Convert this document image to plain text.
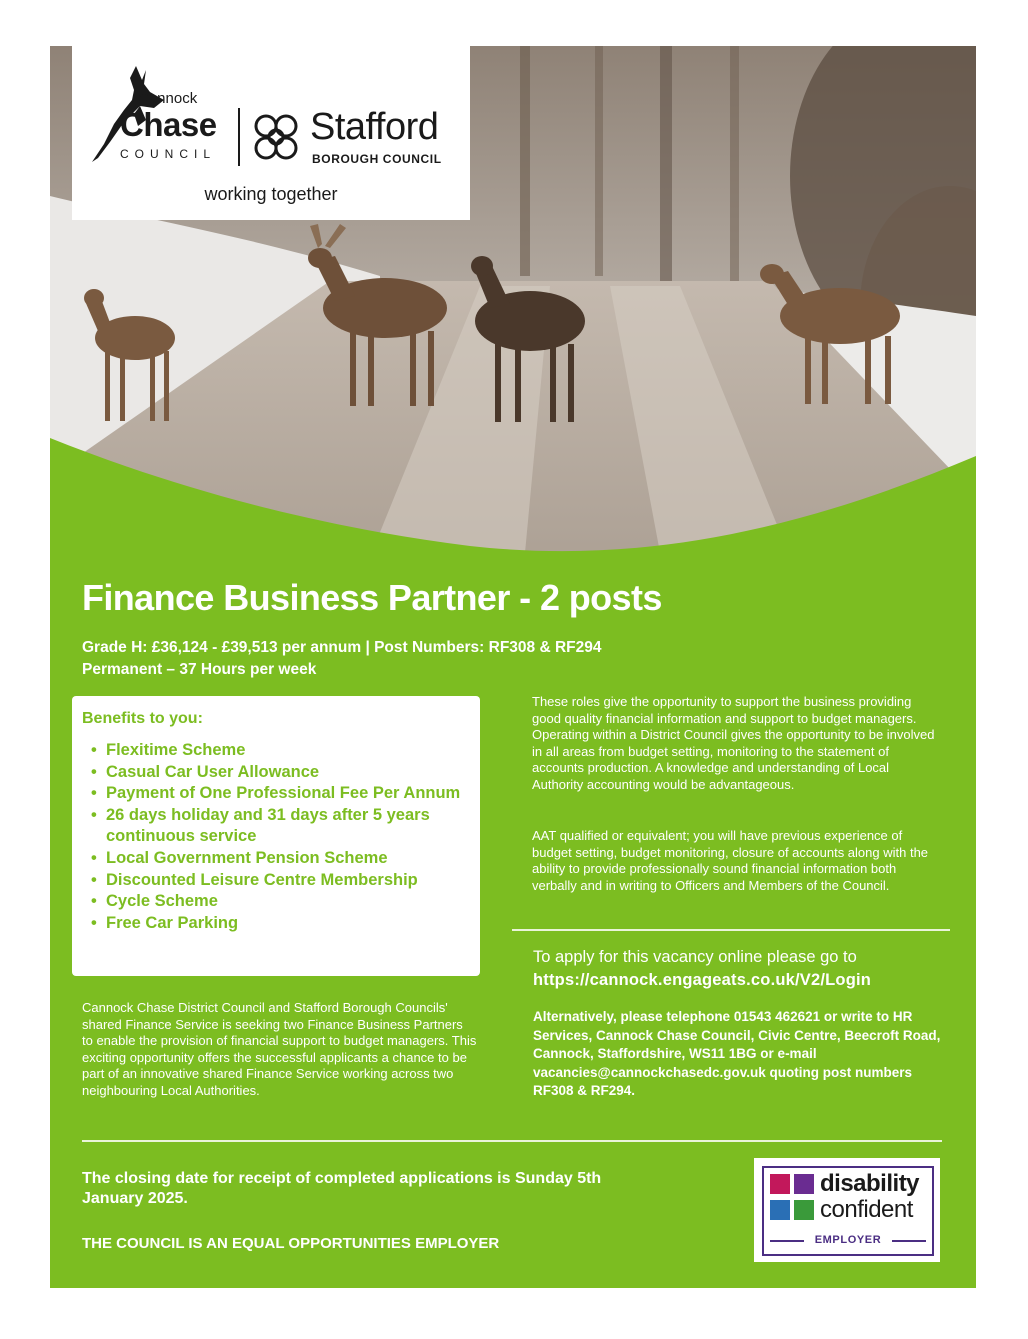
Cannock
Chase
COUNCIL
Stafford
BOROUGH COUNCIL
working together
Finance Business Partner - 2 posts
Grade H: £36,124 - £39,513 per annum | Post Numbers: RF308 & RF294
Permanent – 37 Hours per week
Benefits to you:
• Flexitime Scheme
• Casual Car User Allowance
• Payment of One Professional Fee Per Annum
• 26 days holiday and 31 days after 5 years continuous service
• Local Government Pension Scheme
• Discounted Leisure Centre Membership
• Cycle Scheme
• Free Car Parking
Cannock Chase District Council and Stafford Borough Councils' shared Finance Service is seeking two Finance Business Partners to enable the provision of financial support to budget managers. This exciting opportunity offers the successful applicants a chance to be part of an innovative shared Finance Service working across two neighbouring Local Authorities.
These roles give the opportunity to support the business providing good quality financial information and support to budget managers. Operating within a District Council gives the opportunity to be involved in all areas from budget setting, monitoring to the statement of accounts production. A knowledge and understanding of Local Authority accounting would be advantageous.
AAT qualified or equivalent; you will have previous experience of budget setting, budget monitoring, closure of accounts along with the ability to provide professionally sound financial information both verbally and in writing to Officers and Members of the Council.
To apply for this vacancy online please go to
https://cannock.engageats.co.uk/V2/Login
Alternatively, please telephone 01543 462621 or write to HR Services, Cannock Chase Council, Civic Centre, Beecroft Road, Cannock, Staffordshire, WS11 1BG or e-mail vacancies@cannockchasedc.gov.uk quoting post numbers RF308 & RF294.
The closing date for receipt of completed applications is Sunday 5th January 2025.
THE COUNCIL IS AN EQUAL OPPORTUNITIES EMPLOYER
disability
confident
EMPLOYER
